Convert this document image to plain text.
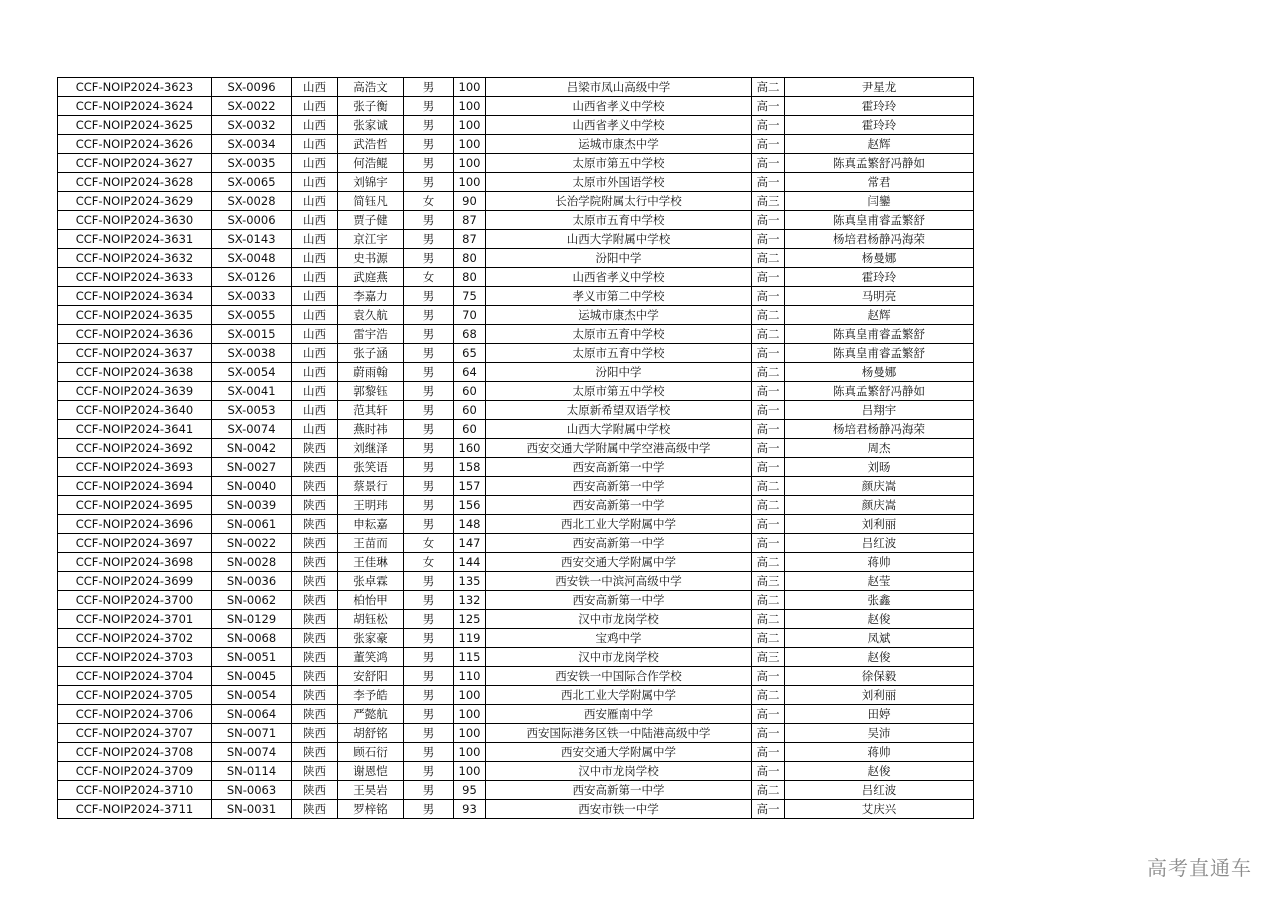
CCF-NOIP2024-3623	SX-0096	山西	高浩文	男	100	吕梁市凤山高级中学	高二	尹星龙
CCF-NOIP2024-3624	SX-0022	山西	张子衡	男	100	山西省孝义中学校	高一	霍玲玲
CCF-NOIP2024-3625	SX-0032	山西	张家诚	男	100	山西省孝义中学校	高一	霍玲玲
CCF-NOIP2024-3626	SX-0034	山西	武浩哲	男	100	运城市康杰中学	高一	赵辉
CCF-NOIP2024-3627	SX-0035	山西	何浩鲲	男	100	太原市第五中学校	高一	陈真孟繁舒冯静如
CCF-NOIP2024-3628	SX-0065	山西	刘锦宇	男	100	太原市外国语学校	高一	常君
CCF-NOIP2024-3629	SX-0028	山西	简钰凡	女	90	长治学院附属太行中学校	高三	闫鑾
CCF-NOIP2024-3630	SX-0006	山西	贾子健	男	87	太原市五育中学校	高一	陈真皇甫睿孟繁舒
CCF-NOIP2024-3631	SX-0143	山西	京江宇	男	87	山西大学附属中学校	高一	杨培君杨静冯海荣
CCF-NOIP2024-3632	SX-0048	山西	史书源	男	80	汾阳中学	高二	杨曼娜
CCF-NOIP2024-3633	SX-0126	山西	武庭燕	女	80	山西省孝义中学校	高一	霍玲玲
CCF-NOIP2024-3634	SX-0033	山西	李嘉力	男	75	孝义市第二中学校	高一	马明亮
CCF-NOIP2024-3635	SX-0055	山西	袁久航	男	70	运城市康杰中学	高二	赵辉
CCF-NOIP2024-3636	SX-0015	山西	雷宇浩	男	68	太原市五育中学校	高二	陈真皇甫睿孟繁舒
CCF-NOIP2024-3637	SX-0038	山西	张子涵	男	65	太原市五育中学校	高一	陈真皇甫睿孟繁舒
CCF-NOIP2024-3638	SX-0054	山西	蔚雨翰	男	64	汾阳中学	高二	杨曼娜
CCF-NOIP2024-3639	SX-0041	山西	郭黎钰	男	60	太原市第五中学校	高一	陈真孟繁舒冯静如
CCF-NOIP2024-3640	SX-0053	山西	范其轩	男	60	太原新希望双语学校	高一	吕翔宇
CCF-NOIP2024-3641	SX-0074	山西	燕时祎	男	60	山西大学附属中学校	高一	杨培君杨静冯海荣
CCF-NOIP2024-3692	SN-0042	陕西	刘继泽	男	160	西安交通大学附属中学空港高级中学	高一	周杰
CCF-NOIP2024-3693	SN-0027	陕西	张笑语	男	158	西安高新第一中学	高一	刘旸
CCF-NOIP2024-3694	SN-0040	陕西	蔡景行	男	157	西安高新第一中学	高二	颜庆嵩
CCF-NOIP2024-3695	SN-0039	陕西	王明玮	男	156	西安高新第一中学	高二	颜庆嵩
CCF-NOIP2024-3696	SN-0061	陕西	申耘嘉	男	148	西北工业大学附属中学	高一	刘利丽
CCF-NOIP2024-3697	SN-0022	陕西	王苗而	女	147	西安高新第一中学	高一	吕红波
CCF-NOIP2024-3698	SN-0028	陕西	王佳琳	女	144	西安交通大学附属中学	高二	蒋帅
CCF-NOIP2024-3699	SN-0036	陕西	张卓霖	男	135	西安铁一中滨河高级中学	高三	赵莹
CCF-NOIP2024-3700	SN-0062	陕西	柏怡甲	男	132	西安高新第一中学	高二	张鑫
CCF-NOIP2024-3701	SN-0129	陕西	胡钰松	男	125	汉中市龙岗学校	高二	赵俊
CCF-NOIP2024-3702	SN-0068	陕西	张家豪	男	119	宝鸡中学	高二	凤斌
CCF-NOIP2024-3703	SN-0051	陕西	董笑鸿	男	115	汉中市龙岗学校	高三	赵俊
CCF-NOIP2024-3704	SN-0045	陕西	安舒阳	男	110	西安铁一中国际合作学校	高一	徐保毅
CCF-NOIP2024-3705	SN-0054	陕西	李予皓	男	100	西北工业大学附属中学	高二	刘利丽
CCF-NOIP2024-3706	SN-0064	陕西	严懿航	男	100	西安雁南中学	高一	田婷
CCF-NOIP2024-3707	SN-0071	陕西	胡舒铭	男	100	西安国际港务区铁一中陆港高级中学	高一	吴沛
CCF-NOIP2024-3708	SN-0074	陕西	顾石衍	男	100	西安交通大学附属中学	高一	蒋帅
CCF-NOIP2024-3709	SN-0114	陕西	谢恩恺	男	100	汉中市龙岗学校	高一	赵俊
CCF-NOIP2024-3710	SN-0063	陕西	王昊岩	男	95	西安高新第一中学	高二	吕红波
CCF-NOIP2024-3711	SN-0031	陕西	罗梓铭	男	93	西安市铁一中学	高一	艾庆兴
高考直通车
